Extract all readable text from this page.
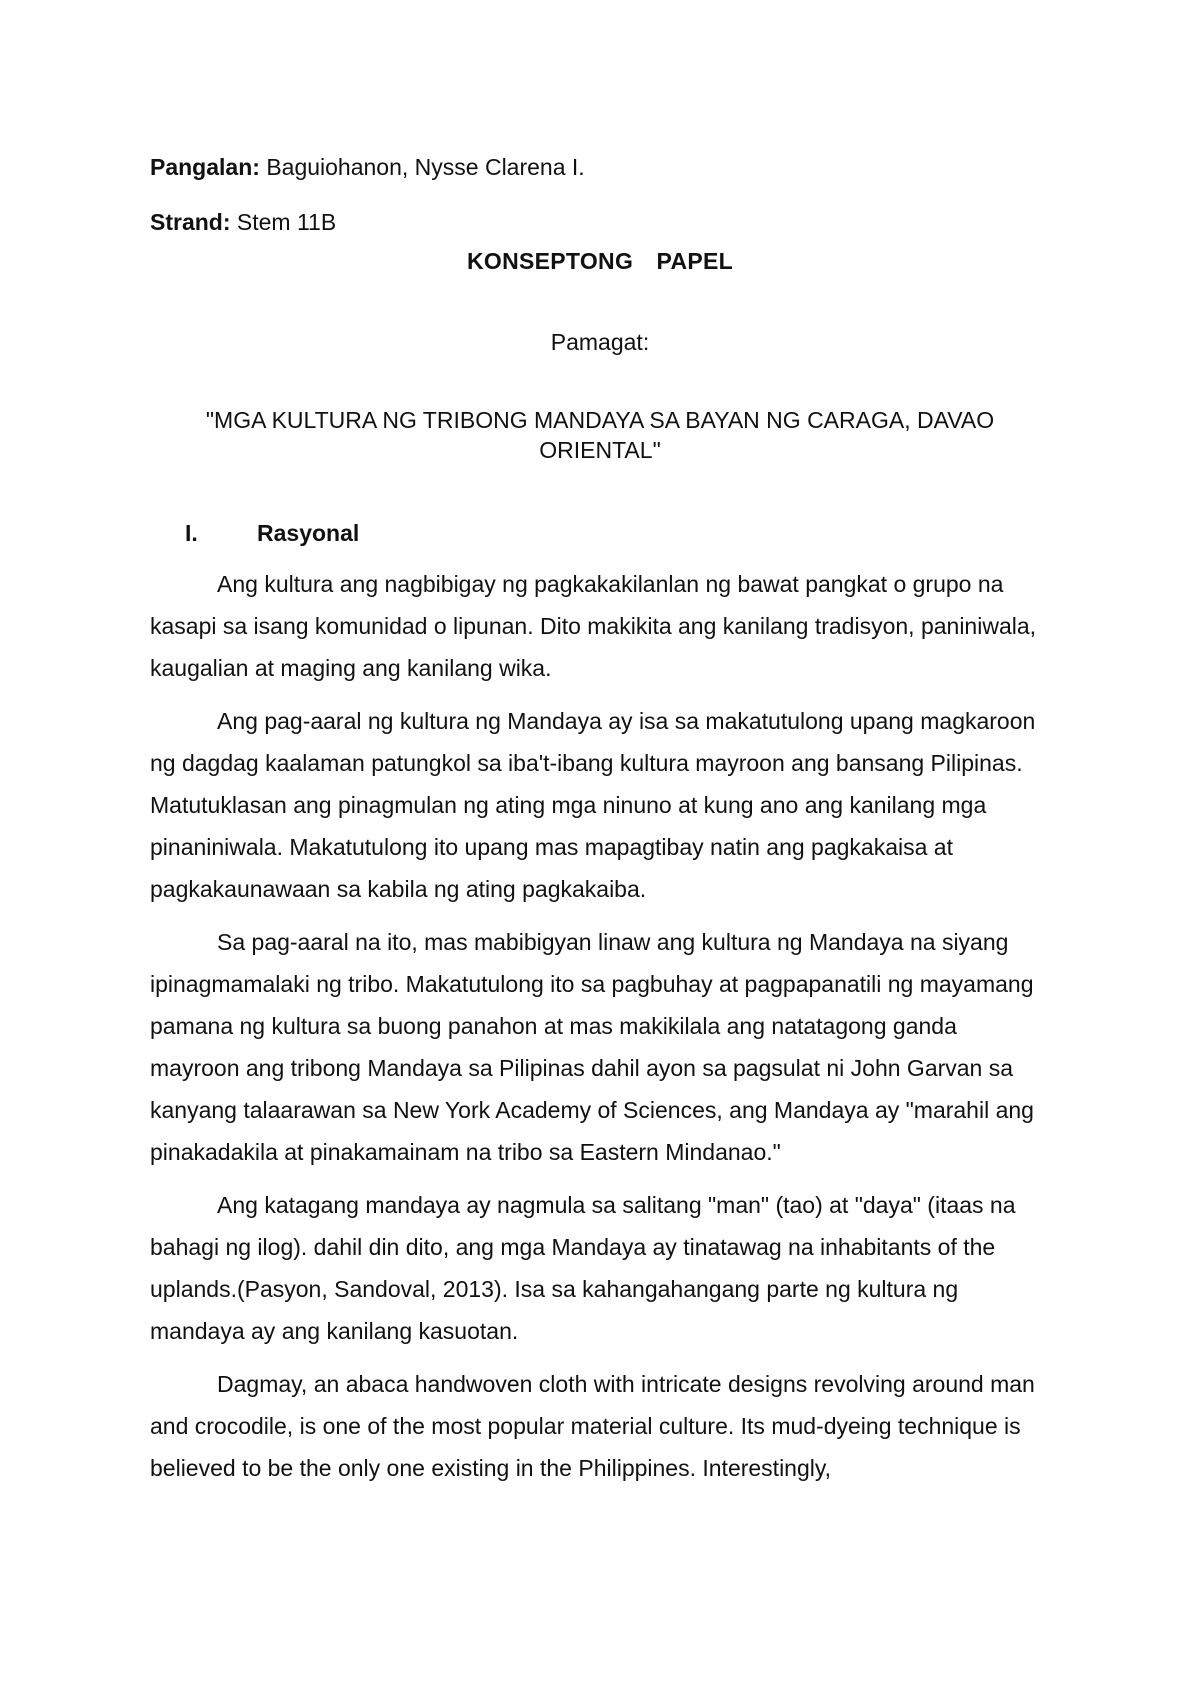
Pangalan: Baguiohanon, Nysse Clarena I.
Strand: Stem 11B
KONSEPTONG  PAPEL
Pamagat:
"MGA KULTURA NG TRIBONG MANDAYA SA BAYAN NG CARAGA, DAVAO ORIENTAL"
I.	Rasyonal

Ang kultura ang nagbibigay ng pagkakakilanlan ng bawat pangkat o grupo na kasapi sa isang komunidad o lipunan. Dito makikita ang kanilang tradisyon, paniniwala, kaugalian at maging ang kanilang wika.

Ang pag-aaral ng kultura ng Mandaya ay isa sa makatutulong upang magkaroon ng dagdag kaalaman patungkol sa iba't-ibang kultura mayroon ang bansang Pilipinas. Matutuklasan ang pinagmulan ng ating mga ninuno at kung ano ang kanilang mga pinaniniwala. Makatutulong ito upang mas mapagtibay natin ang pagkakaisa at pagkakaunawaan sa kabila ng ating pagkakaiba.

Sa pag-aaral na ito, mas mabibigyan linaw ang kultura ng Mandaya na siyang ipinagmamalaki ng tribo. Makatutulong ito sa pagbuhay at pagpapanatili ng mayamang pamana ng kultura sa buong panahon at mas makikilala ang natatagong ganda mayroon ang tribong Mandaya sa Pilipinas dahil ayon sa pagsulat ni John Garvan sa kanyang talaarawan sa New York Academy of Sciences, ang Mandaya ay "marahil ang pinakadakila at pinakamainam na tribo sa Eastern Mindanao."

Ang katagang mandaya ay nagmula sa salitang "man" (tao) at "daya" (itaas na bahagi ng ilog). dahil din dito, ang mga Mandaya ay tinatawag na inhabitants of the uplands.(Pasyon, Sandoval, 2013). Isa sa kahangahangang parte ng kultura ng mandaya ay ang kanilang kasuotan.

Dagmay, an abaca handwoven cloth with intricate designs revolving around man and crocodile, is one of the most popular material culture. Its mud-dyeing technique is believed to be the only one existing in the Philippines. Interestingly,
